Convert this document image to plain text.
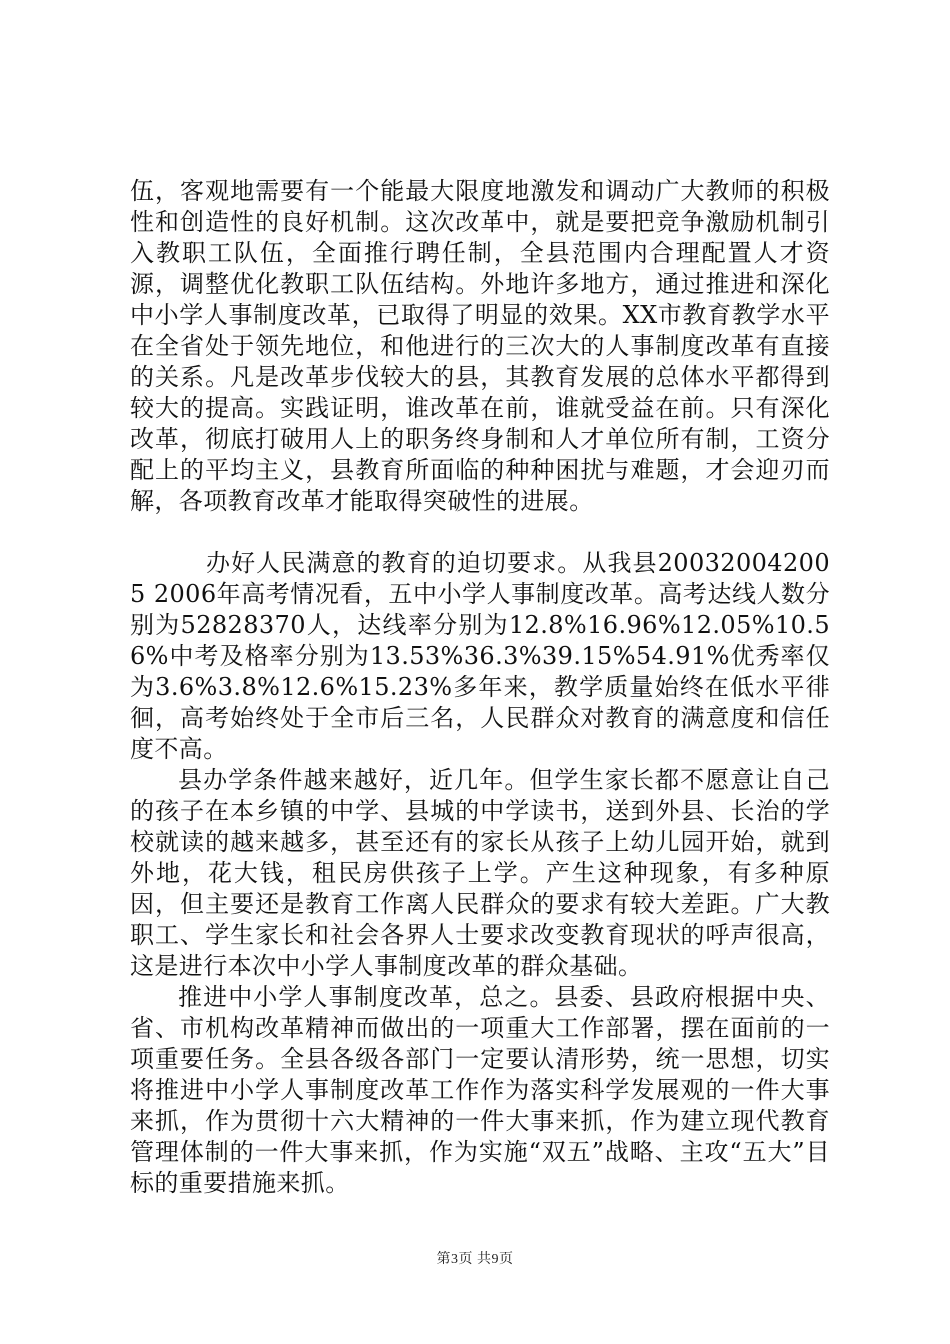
伍，客观地需要有一个能最大限度地激发和调动广大教师的积极性和创造性的良好机制。这次改革中，就是要把竞争激励机制引入教职工队伍，全面推行聘任制，全县范围内合理配置人才资源，调整优化教职工队伍结构。外地许多地方，通过推进和深化中小学人事制度改革，已取得了明显的效果。XX市教育教学水平在全省处于领先地位，和他进行的三次大的人事制度改革有直接的关系。凡是改革步伐较大的县，其教育发展的总体水平都得到较大的提高。实践证明，谁改革在前，谁就受益在前。只有深化改革，彻底打破用人上的职务终身制和人才单位所有制，工资分配上的平均主义，县教育所面临的种种困扰与难题，才会迎刃而解，各项教育改革才能取得突破性的进展。

办好人民满意的教育的迫切要求。从我县200320042005 2006年高考情况看，五中小学人事制度改革。高考达线人数分别为52828370人，达线率分别为12.8%16.96%12.05%10.56%中考及格率分别为13.53%36.3%39.15%54.91%优秀率仅为3.6%3.8%12.6%15.23%多年来，教学质量始终在低水平徘徊，高考始终处于全市后三名，人民群众对教育的满意度和信任度不高。

县办学条件越来越好，近几年。但学生家长都不愿意让自己的孩子在本乡镇的中学、县城的中学读书，送到外县、长治的学校就读的越来越多，甚至还有的家长从孩子上幼儿园开始，就到外地，花大钱，租民房供孩子上学。产生这种现象，有多种原因，但主要还是教育工作离人民群众的要求有较大差距。广大教职工、学生家长和社会各界人士要求改变教育现状的呼声很高，这是进行本次中小学人事制度改革的群众基础。

推进中小学人事制度改革，总之。县委、县政府根据中央、省、市机构改革精神而做出的一项重大工作部署，摆在面前的一项重要任务。全县各级各部门一定要认清形势，统一思想，切实将推进中小学人事制度改革工作作为落实科学发展观的一件大事来抓，作为贯彻十六大精神的一件大事来抓，作为建立现代教育管理体制的一件大事来抓，作为实施“双五”战略、主攻“五大”目标的重要措施来抓。

第3页 共9页
